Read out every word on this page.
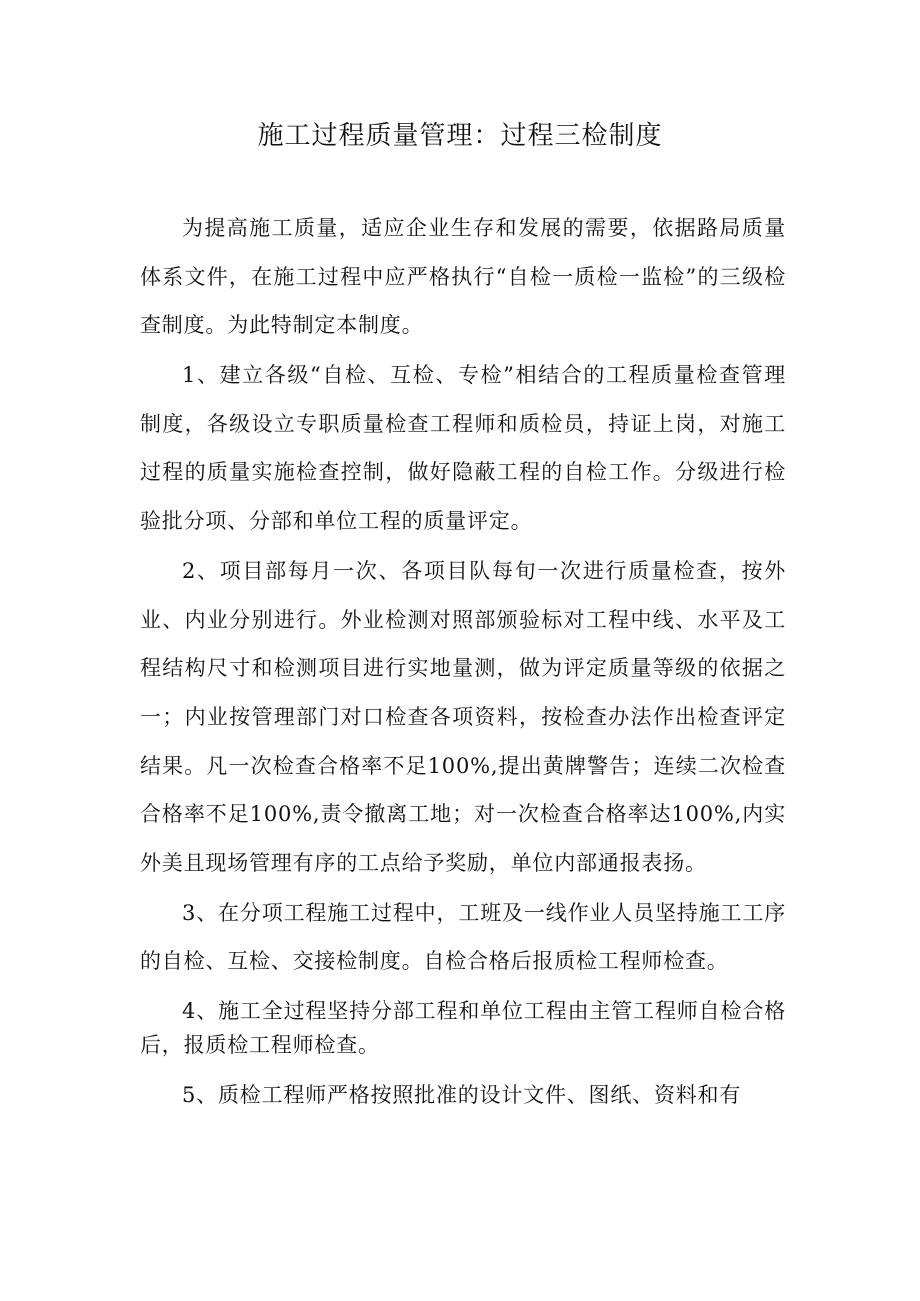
施工过程质量管理：过程三检制度

为提高施工质量，适应企业生存和发展的需要，依据路局质量体系文件，在施工过程中应严格执行“自检一质检一监检”的三级检查制度。为此特制定本制度。

1、建立各级“自检、互检、专检”相结合的工程质量检查管理制度，各级设立专职质量检查工程师和质检员，持证上岗，对施工过程的质量实施检查控制，做好隐蔽工程的自检工作。分级进行检验批分项、分部和单位工程的质量评定。

2、项目部每月一次、各项目队每旬一次进行质量检查，按外业、内业分别进行。外业检测对照部颁验标对工程中线、水平及工程结构尺寸和检测项目进行实地量测，做为评定质量等级的依据之一；内业按管理部门对口检查各项资料，按检查办法作出检查评定结果。凡一次检查合格率不足100%,提出黄牌警告；连续二次检查合格率不足100%,责令撤离工地；对一次检查合格率达100%,内实外美且现场管理有序的工点给予奖励，单位内部通报表扬。

3、在分项工程施工过程中，工班及一线作业人员坚持施工工序的自检、互检、交接检制度。自检合格后报质检工程师检查。

4、施工全过程坚持分部工程和单位工程由主管工程师自检合格后，报质检工程师检查。

5、质检工程师严格按照批准的设计文件、图纸、资料和有
